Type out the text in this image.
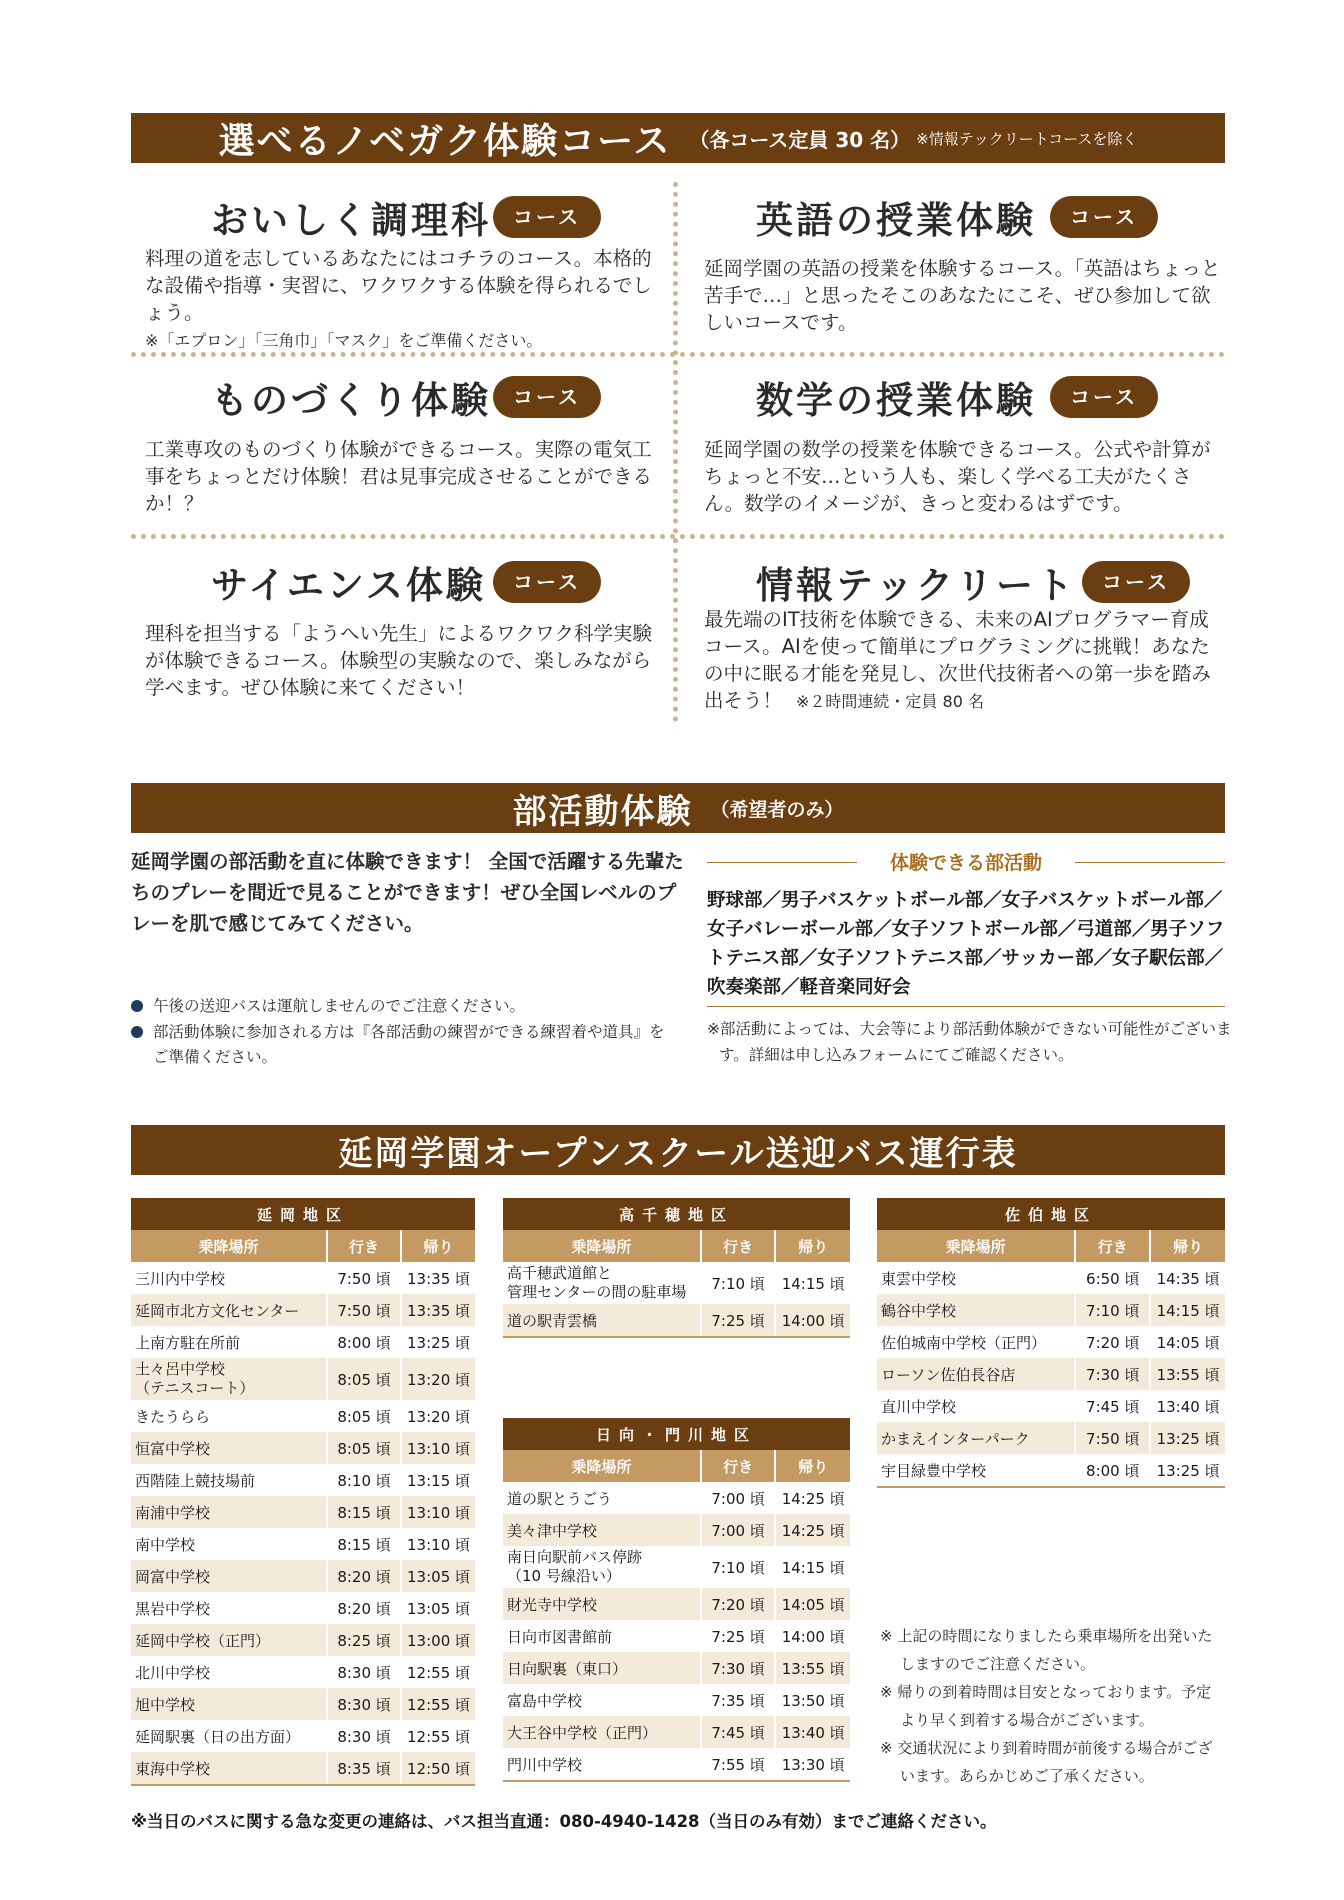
選べるノベガク体験コース （各コース定員 30 名） ※情報テックリートコースを除く
おいしく調理科	コース
料理の道を志しているあなたにはコチラのコース。本格的な設備や指導・実習に、ワクワクする体験を得られるでしょう。
※「エプロン」「三角巾」「マスク」をご準備ください。
英語の授業体験	コース
延岡学園の英語の授業を体験するコース。「英語はちょっと苦手で…」と思ったそこのあなたにこそ、ぜひ参加して欲しいコースです。
ものづくり体験	コース
工業専攻のものづくり体験ができるコース。実際の電気工事をちょっとだけ体験！君は見事完成させることができるか！？
数学の授業体験	コース
延岡学園の数学の授業を体験できるコース。公式や計算がちょっと不安…という人も、楽しく学べる工夫がたくさん。数学のイメージが、きっと変わるはずです。
サイエンス体験	コース
理科を担当する「ようへい先生」によるワクワク科学実験が体験できるコース。体験型の実験なので、楽しみながら学べます。ぜひ体験に来てください！
情報テックリート	コース
最先端のIT技術を体験できる、未来のAIプログラマー育成コース。AIを使って簡単にプログラミングに挑戦！あなたの中に眠る才能を発見し、次世代技術者への第一歩を踏み出そう！ ※２時間連続・定員 80 名
部活動体験 （希望者のみ）
延岡学園の部活動を直に体験できます！ 全国で活躍する先輩たちのプレーを間近で見ることができます！ぜひ全国レベルのプレーを肌で感じてみてください。
午後の送迎バスは運航しませんのでご注意ください。
部活動体験に参加される方は『各部活動の練習ができる練習着や道具』をご準備ください。
体験できる部活動
野球部／男子バスケットボール部／女子バスケットボール部／女子バレーボール部／女子ソフトボール部／弓道部／男子ソフトテニス部／女子ソフトテニス部／サッカー部／女子駅伝部／吹奏楽部／軽音楽同好会
※部活動によっては、大会等により部活動体験ができない可能性がございます。詳細は申し込みフォームにてご確認ください。
延岡学園オープンスクール送迎バス運行表
延岡地区		
乗降場所	行き	帰り
三川内中学校	7:50 頃	13:35 頃
延岡市北方文化センター	7:50 頃	13:35 頃
上南方駐在所前	8:00 頃	13:25 頃
土々呂中学校
（テニスコート）	8:05 頃	13:20 頃
きたうらら	8:05 頃	13:20 頃
恒富中学校	8:05 頃	13:10 頃
西階陸上競技場前	8:10 頃	13:15 頃
南浦中学校	8:15 頃	13:10 頃
南中学校	8:15 頃	13:10 頃
岡富中学校	8:20 頃	13:05 頃
黒岩中学校	8:20 頃	13:05 頃
延岡中学校（正門）	8:25 頃	13:00 頃
北川中学校	8:30 頃	12:55 頃
旭中学校	8:30 頃	12:55 頃
延岡駅裏（日の出方面）	8:30 頃	12:55 頃
東海中学校	8:35 頃	12:50 頃
高千穂地区		
乗降場所	行き	帰り
高千穂武道館と
管理センターの間の駐車場	7:10 頃	14:15 頃
道の駅青雲橋	7:25 頃	14:00 頃
日向・門川地区		
乗降場所	行き	帰り
道の駅とうごう	7:00 頃	14:25 頃
美々津中学校	7:00 頃	14:25 頃
南日向駅前バス停跡
（10 号線沿い）	7:10 頃	14:15 頃
財光寺中学校	7:20 頃	14:05 頃
日向市図書館前	7:25 頃	14:00 頃
日向駅裏（東口）	7:30 頃	13:55 頃
富島中学校	7:35 頃	13:50 頃
大王谷中学校（正門）	7:45 頃	13:40 頃
門川中学校	7:55 頃	13:30 頃
佐伯地区		
乗降場所	行き	帰り
東雲中学校	6:50 頃	14:35 頃
鶴谷中学校	7:10 頃	14:15 頃
佐伯城南中学校（正門）	7:20 頃	14:05 頃
ローソン佐伯長谷店	7:30 頃	13:55 頃
直川中学校	7:45 頃	13:40 頃
かまえインターパーク	7:50 頃	13:25 頃
宇目緑豊中学校	8:00 頃	13:25 頃
※ 上記の時間になりましたら乗車場所を出発いたしますのでご注意ください。
※ 帰りの到着時間は目安となっております。予定より早く到着する場合がございます。
※ 交通状況により到着時間が前後する場合がございます。あらかじめご了承ください。
※当日のバスに関する急な変更の連絡は、バス担当直通：080-4940-1428（当日のみ有効）までご連絡ください。
